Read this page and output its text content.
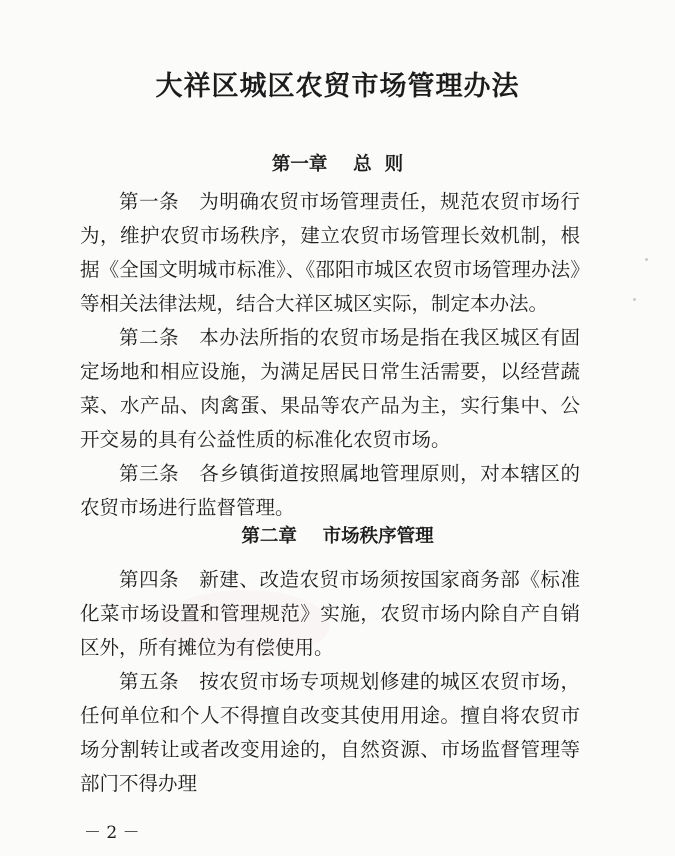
大祥区城区农贸市场管理办法
第一章    总  则

第一条　为明确农贸市场管理责任，规范农贸市场行为，维护农贸市场秩序，建立农贸市场管理长效机制，根据《全国文明城市标准》、《邵阳市城区农贸市场管理办法》等相关法律法规，结合大祥区城区实际，制定本办法。

第二条　本办法所指的农贸市场是指在我区城区有固定场地和相应设施，为满足居民日常生活需要，以经营蔬菜、水产品、肉禽蛋、果品等农产品为主，实行集中、公开交易的具有公益性质的标准化农贸市场。

第三条　各乡镇街道按照属地管理原则，对本辖区的农贸市场进行监督管理。

第二章    市场秩序管理

第四条　新建、改造农贸市场须按国家商务部《标准化菜市场设置和管理规范》实施，农贸市场内除自产自销区外，所有摊位为有偿使用。

第五条　按农贸市场专项规划修建的城区农贸市场，任何单位和个人不得擅自改变其使用用途。擅自将农贸市场分割转让或者改变用途的，自然资源、市场监督管理等部门不得办理

－ 2 －
